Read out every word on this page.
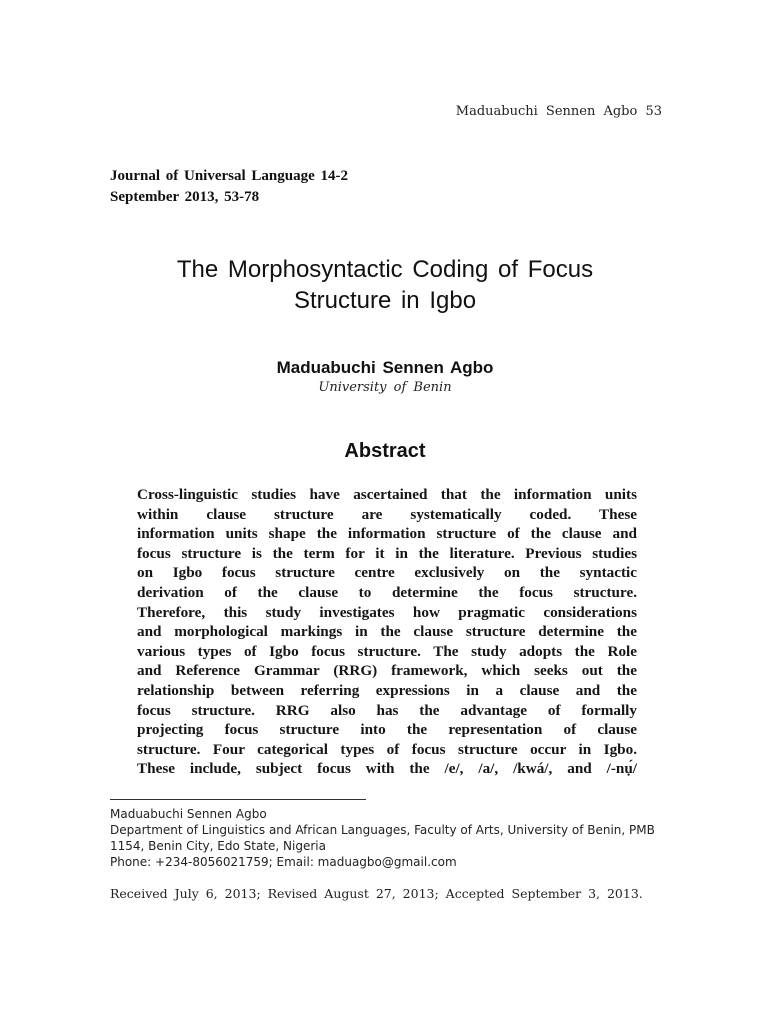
Maduabuchi Sennen Agbo 53
Journal of Universal Language 14-2
September 2013, 53-78
The Morphosyntactic Coding of Focus
Structure in Igbo
Maduabuchi Sennen Agbo
University of Benin
Abstract
Cross-linguistic studies have ascertained that the information units
within clause structure are systematically coded. These
information units shape the information structure of the clause and
focus structure is the term for it in the literature. Previous studies
on Igbo focus structure centre exclusively on the syntactic
derivation of the clause to determine the focus structure.
Therefore, this study investigates how pragmatic considerations
and morphological markings in the clause structure determine the
various types of Igbo focus structure. The study adopts the Role
and Reference Grammar (RRG) framework, which seeks out the
relationship between referring expressions in a clause and the
focus structure. RRG also has the advantage of formally
projecting focus structure into the representation of clause
structure. Four categorical types of focus structure occur in Igbo.
These include, subject focus with the /e/, /a/, /kwá/, and /-nụ́/
Maduabuchi Sennen Agbo
Department of Linguistics and African Languages, Faculty of Arts, University of Benin, PMB
1154, Benin City, Edo State, Nigeria
Phone: +234-8056021759; Email: maduagbo@gmail.com
Received July 6, 2013; Revised August 27, 2013; Accepted September 3, 2013.
